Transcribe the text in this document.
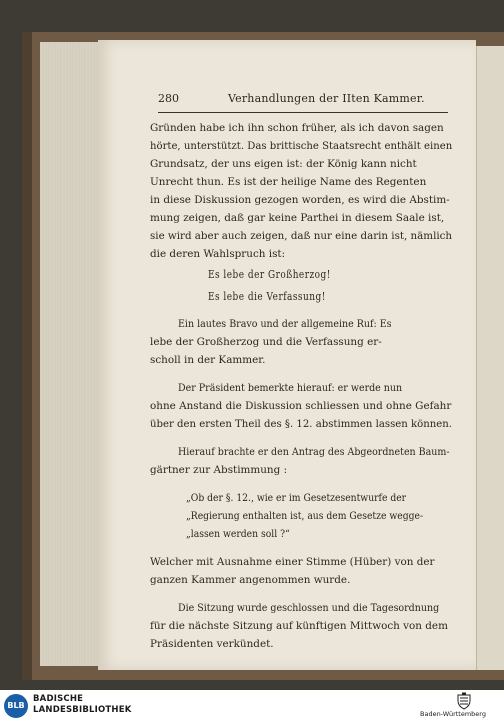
280	Verhandlungen der IIten Kammer.
Gründen habe ich ihn schon früher, als ich davon sagen
hörte, unterstützt. Das brittische Staatsrecht enthält einen
Grundsatz, der uns eigen ist: der König kann nicht
Unrecht thun. Es ist der heilige Name des Regenten
in diese Diskussion gezogen worden, es wird die Abstim-
mung zeigen, daß gar keine Parthei in diesem Saale ist,
sie wird aber auch zeigen, daß nur eine darin ist, nämlich
die deren Wahlspruch ist:
Es lebe der Großherzog!
Es lebe die Verfassung!
Ein lautes Bravo und der allgemeine Ruf: Es
lebe der Großherzog und die Verfassung er-
scholl in der Kammer.
Der Präsident bemerkte hierauf: er werde nun
ohne Anstand die Diskussion schliessen und ohne Gefahr
über den ersten Theil des §. 12. abstimmen lassen können.
Hierauf brachte er den Antrag des Abgeordneten Baum-
gärtner zur Abstimmung :
„Ob der §. 12., wie er im Gesetzesentwurfe der
„Regierung enthalten ist, aus dem Gesetze wegge-
„lassen werden soll ?“
Welcher mit Ausnahme einer Stimme (Hüber) von der
ganzen Kammer angenommen wurde.
Die Sitzung wurde geschlossen und die Tagesordnung
für die nächste Sitzung auf künftigen Mittwoch von dem
Präsidenten verkündet.
BLB
BADISCHE
LANDESBIBLIOTHEK	Baden-Württemberg
